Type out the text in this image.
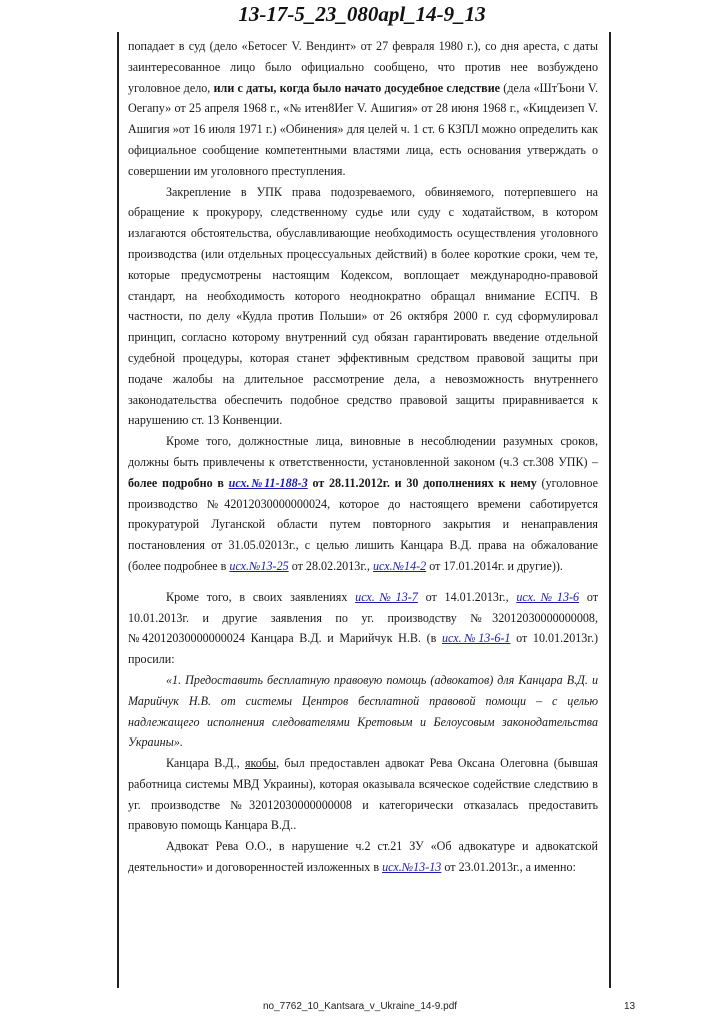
13-17-5_23_080apl_14-9_13

попадает в суд (дело «Бетосег V. Вендинт» от 27 февраля 1980 г.), со дня ареста, с даты заинтересованное лицо было официально сообщено, что против нее возбуждено уголовное дело, или с даты, когда было начато досудебное следствие (дела «ШтЪони V. Оегапу» от 25 апреля 1968 г., «№ итен8Иег V. Ашигия» от 28 июня 1968 г., «Кицдеизеп V. Ашигия »от 16 июля 1971 г.) «Обинения» для целей ч. 1 ст. 6 КЗПЛ можно определить как официальное сообщение компетентными властями лица, есть основания утверждать о совершении им уголовного преступления.

Закрепление в УПК права подозреваемого, обвиняемого, потерпевшего на обращение к прокурору, следственному судье или суду с ходатайством, в котором излагаются обстоятельства, обуславливающие необходимость осуществления уголовного производства (или отдельных процессуальных действий) в более короткие сроки, чем те, которые предусмотрены настоящим Кодексом, воплощает международно-правовой стандарт, на необходимость которого неоднократно обращал внимание ЕСПЧ. В частности, по делу «Кудла против Польши» от 26 октября 2000 г. суд сформулировал принцип, согласно которому внутренний суд обязан гарантировать введение отдельной судебной процедуры, которая станет эффективным средством правовой защиты при подаче жалобы на длительное рассмотрение дела, а невозможность внутреннего законодательства обеспечить подобное средство правовой защиты приравнивается к нарушению ст. 13 Конвенции.

Кроме того, должностные лица, виновные в несоблюдении разумных сроков, должны быть привлечены к ответственности, установленной законом (ч.3 ст.308 УПК) – более подробно в исх.№11-188-3 от 28.11.2012г. и 30 дополнениях к нему (уголовное производство №42012030000000024, которое до настоящего времени саботируется прокуратурой Луганской области путем повторного закрытия и ненаправления постановления от 31.05.02013г., с целью лишить Канцара В.Д. права на обжалование (более подробнее в исх.№13-25 от 28.02.2013г., исх.№14-2 от 17.01.2014г. и другие)).

Кроме того, в своих заявлениях исх.№13-7 от 14.01.2013г., исх.№13-6 от 10.01.2013г. и другие заявления по уг. производству №32012030000000008, №42012030000000024 Канцара В.Д. и Марийчук Н.В. (в исх.№13-6-1 от 10.01.2013г.) просили:

«1. Предоставить бесплатную правовую помощь (адвокатов) для Канцара В.Д. и Марийчук Н.В. от системы Центров бесплатной правовой помощи – с целью надлежащего исполнения следователями Кретовым и Белоусовым законодательства Украины».

Канцара В.Д., якобы, был предоставлен адвокат Рева Оксана Олеговна (бывшая работница системы МВД Украины), которая оказывала всяческое содействие следствию в уг. производстве №32012030000000008 и категорически отказалась предоставить правовую помощь Канцара В.Д..

Адвокат Рева О.О., в нарушение ч.2 ст.21 ЗУ «Об адвокатуре и адвокатской деятельности» и договоренностей изложенных в исх.№13-13 от 23.01.2013г., а именно:

no_7762_10_Kantsara_v_Ukraine_14-9.pdf	13
